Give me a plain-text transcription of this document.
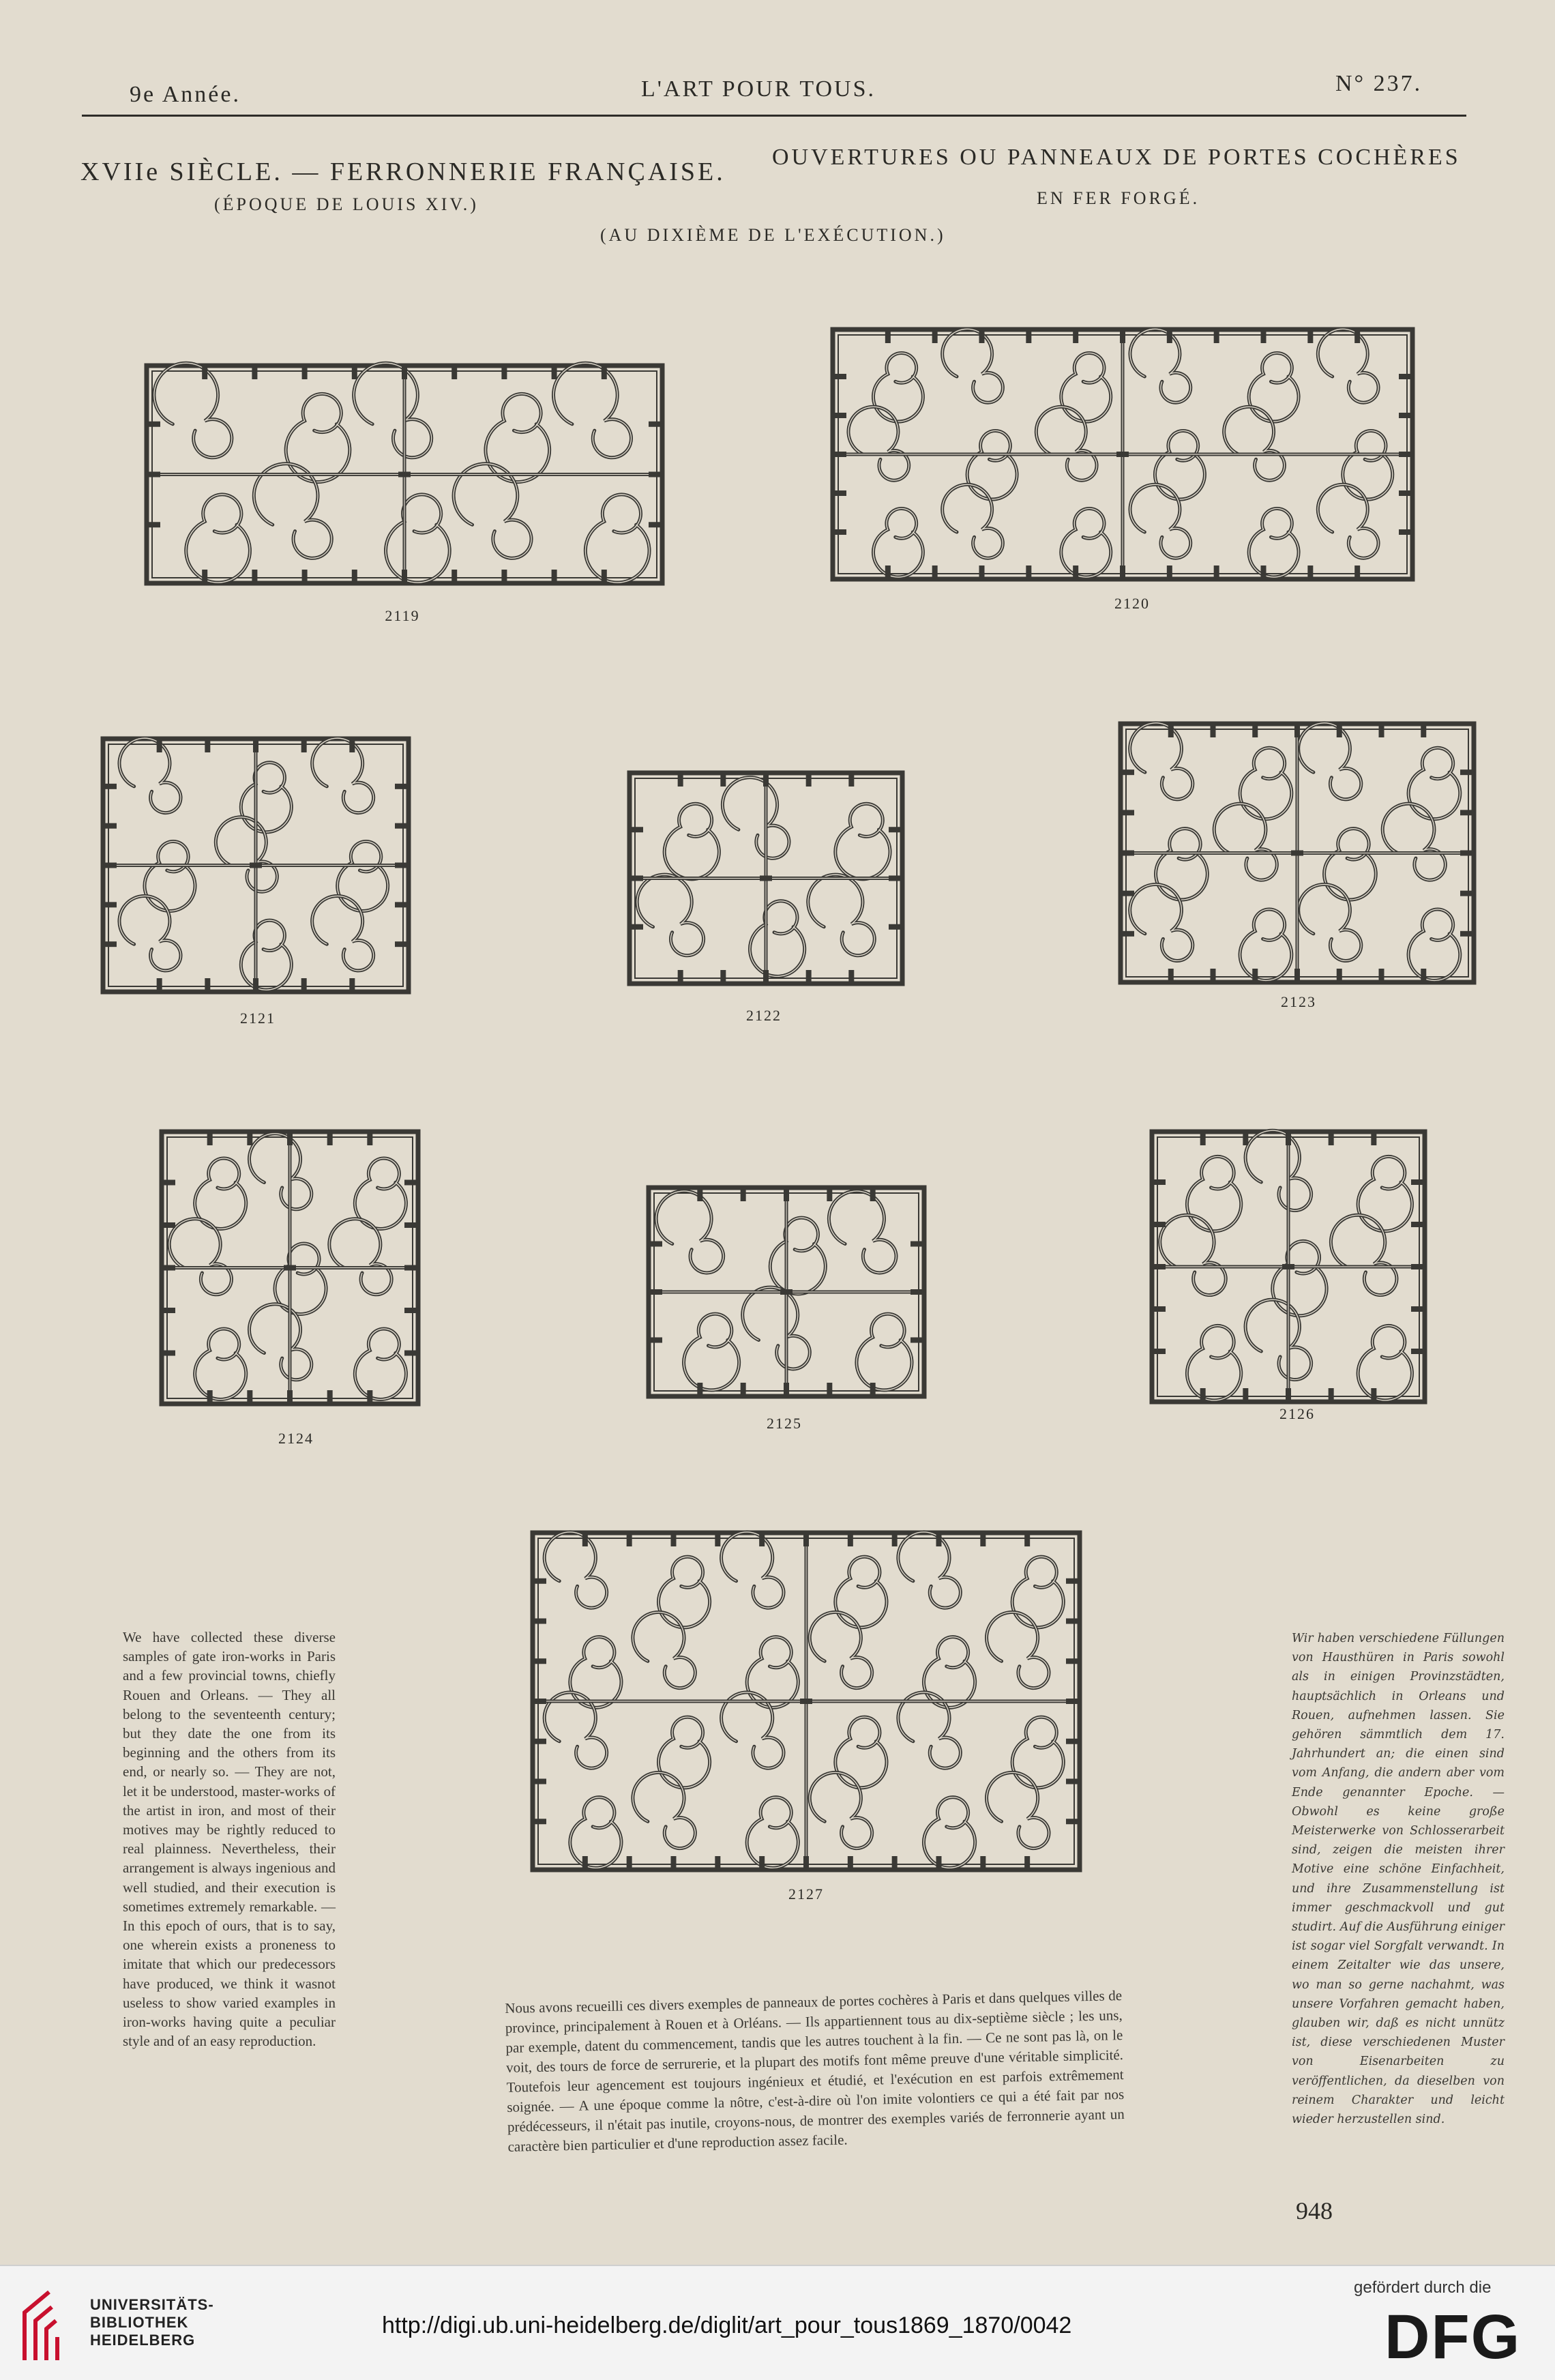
9e Année.	L'ART POUR TOUS.	N° 237.
XVIIe SIÈCLE. — FERRONNERIE FRANÇAISE.
(ÉPOQUE DE LOUIS XIV.)
OUVERTURES OU PANNEAUX DE PORTES COCHÈRES
EN FER FORGÉ.
(AU DIXIÈME DE L'EXÉCUTION.)
2119
2120
2121	2122
2123
2124
2125
2126
2127
We have collected these diverse samples of gate iron-works in Paris and a few provincial towns, chiefly Rouen and Orleans. — They all belong to the seventeenth century; but they date the one from its beginning and the others from its end, or nearly so. — They are not, let it be understood, master-works of the artist in iron, and most of their motives may be rightly reduced to real plainness. Nevertheless, their arrangement is always ingenious and well studied, and their execution is sometimes extremely remarkable. — In this epoch of ours, that is to say, one wherein exists a proneness to imitate that which our predecessors have produced, we think it wasnot useless to show varied examples in iron-works having quite a peculiar style and of an easy reproduction.
Wir haben verschiedene Füllungen von Hausthüren in Paris sowohl als in einigen Provinzstädten, hauptsächlich in Orleans und Rouen, aufnehmen lassen. Sie gehören sämmtlich dem 17. Jahrhundert an; die einen sind vom Anfang, die andern aber vom Ende genannter Epoche. — Obwohl es keine große Meisterwerke von Schlosserarbeit sind, zeigen die meisten ihrer Motive eine schöne Einfachheit, und ihre Zusammenstellung ist immer geschmackvoll und gut studirt. Auf die Ausführung einiger ist sogar viel Sorgfalt verwandt. In einem Zeitalter wie das unsere, wo man so gerne nachahmt, was unsere Vorfahren gemacht haben, glauben wir, daß es nicht unnütz ist, diese verschiedenen Muster von Eisenarbeiten zu veröffentlichen, da dieselben von reinem Charakter und leicht wieder herzustellen sind.
Nous avons recueilli ces divers exemples de panneaux de portes cochères à Paris et dans quelques villes de province, principalement à Rouen et à Orléans. — Ils appartiennent tous au dix-septième siècle ; les uns, par exemple, datent du commencement, tandis que les autres touchent à la fin. — Ce ne sont pas là, on le voit, des tours de force de serrurerie, et la plupart des motifs font même preuve d'une véritable simplicité. Toutefois leur agencement est toujours ingénieux et étudié, et l'exécution en est parfois extrêmement soignée. — A une époque comme la nôtre, c'est-à-dire où l'on imite volontiers ce qui a été fait par nos prédécesseurs, il n'était pas inutile, croyons-nous, de montrer des exemples variés de ferronnerie ayant un caractère bien particulier et d'une reproduction assez facile.
948
UNIVERSITÄTS-
BIBLIOTHEK
HEIDELBERG
http://digi.ub.uni-heidelberg.de/diglit/art_pour_tous1869_1870/0042
gefördert durch die
DFG
